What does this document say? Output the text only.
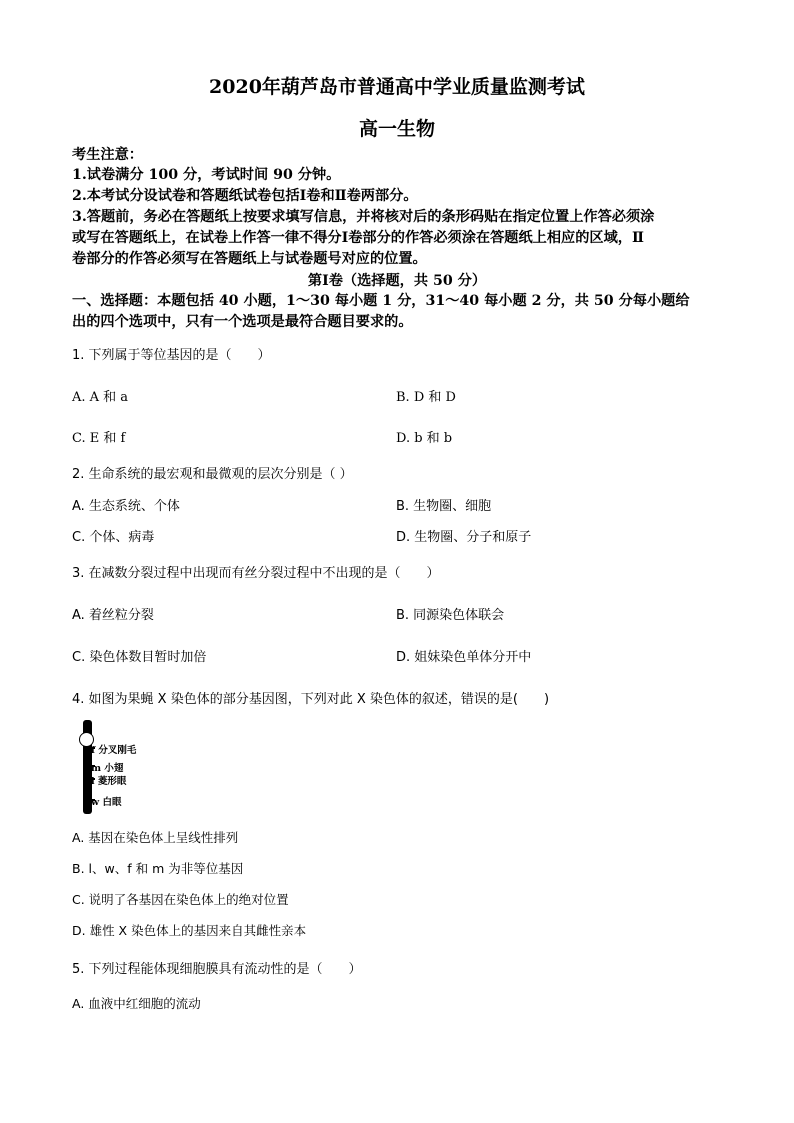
2020年葫芦岛市普通高中学业质量监测考试
高一生物
考生注意：
1.试卷满分 100 分，考试时间 90 分钟。
2.本考试分设试卷和答题纸试卷包括Ⅰ卷和Ⅱ卷两部分。
3.答题前，务必在答题纸上按要求填写信息，并将核对后的条形码贴在指定位置上作答必须涂
或写在答题纸上，在试卷上作答一律不得分Ⅰ卷部分的作答必须涂在答题纸上相应的区域，Ⅱ
卷部分的作答必须写在答题纸上与试卷题号对应的位置。
第Ⅰ卷（选择题，共 50 分）
一、选择题：本题包括 40 小题，1～30 每小题 1 分，31～40 每小题 2 分，共 50 分每小题给
出的四个选项中，只有一个选项是最符合题目要求的。
1. 下列属于等位基因的是（　　）
A. A 和 a	B. D 和 D
C. E 和 f	D. b 和 b
2. 生命系统的最宏观和最微观的层次分别是（ ）
A. 生态系统、个体	B. 生物圈、细胞
C. 个体、病毒	D. 生物圈、分子和原子
3. 在减数分裂过程中出现而有丝分裂过程中不出现的是（　　）
A. 着丝粒分裂	B. 同源染色体联会
C. 染色体数目暂时加倍	D. 姐妹染色单体分开中
4. 如图为果蝇 X 染色体的部分基因图，下列对此 X 染色体的叙述，错误的是(　　)
f 分叉刚毛
m 小翅
l 菱形眼
w 白眼
A. 基因在染色体上呈线性排列
B. l、w、f 和 m 为非等位基因
C. 说明了各基因在染色体上的绝对位置
D. 雄性 X 染色体上的基因来自其雌性亲本
5. 下列过程能体现细胞膜具有流动性的是（　　）
A. 血液中红细胞的流动
